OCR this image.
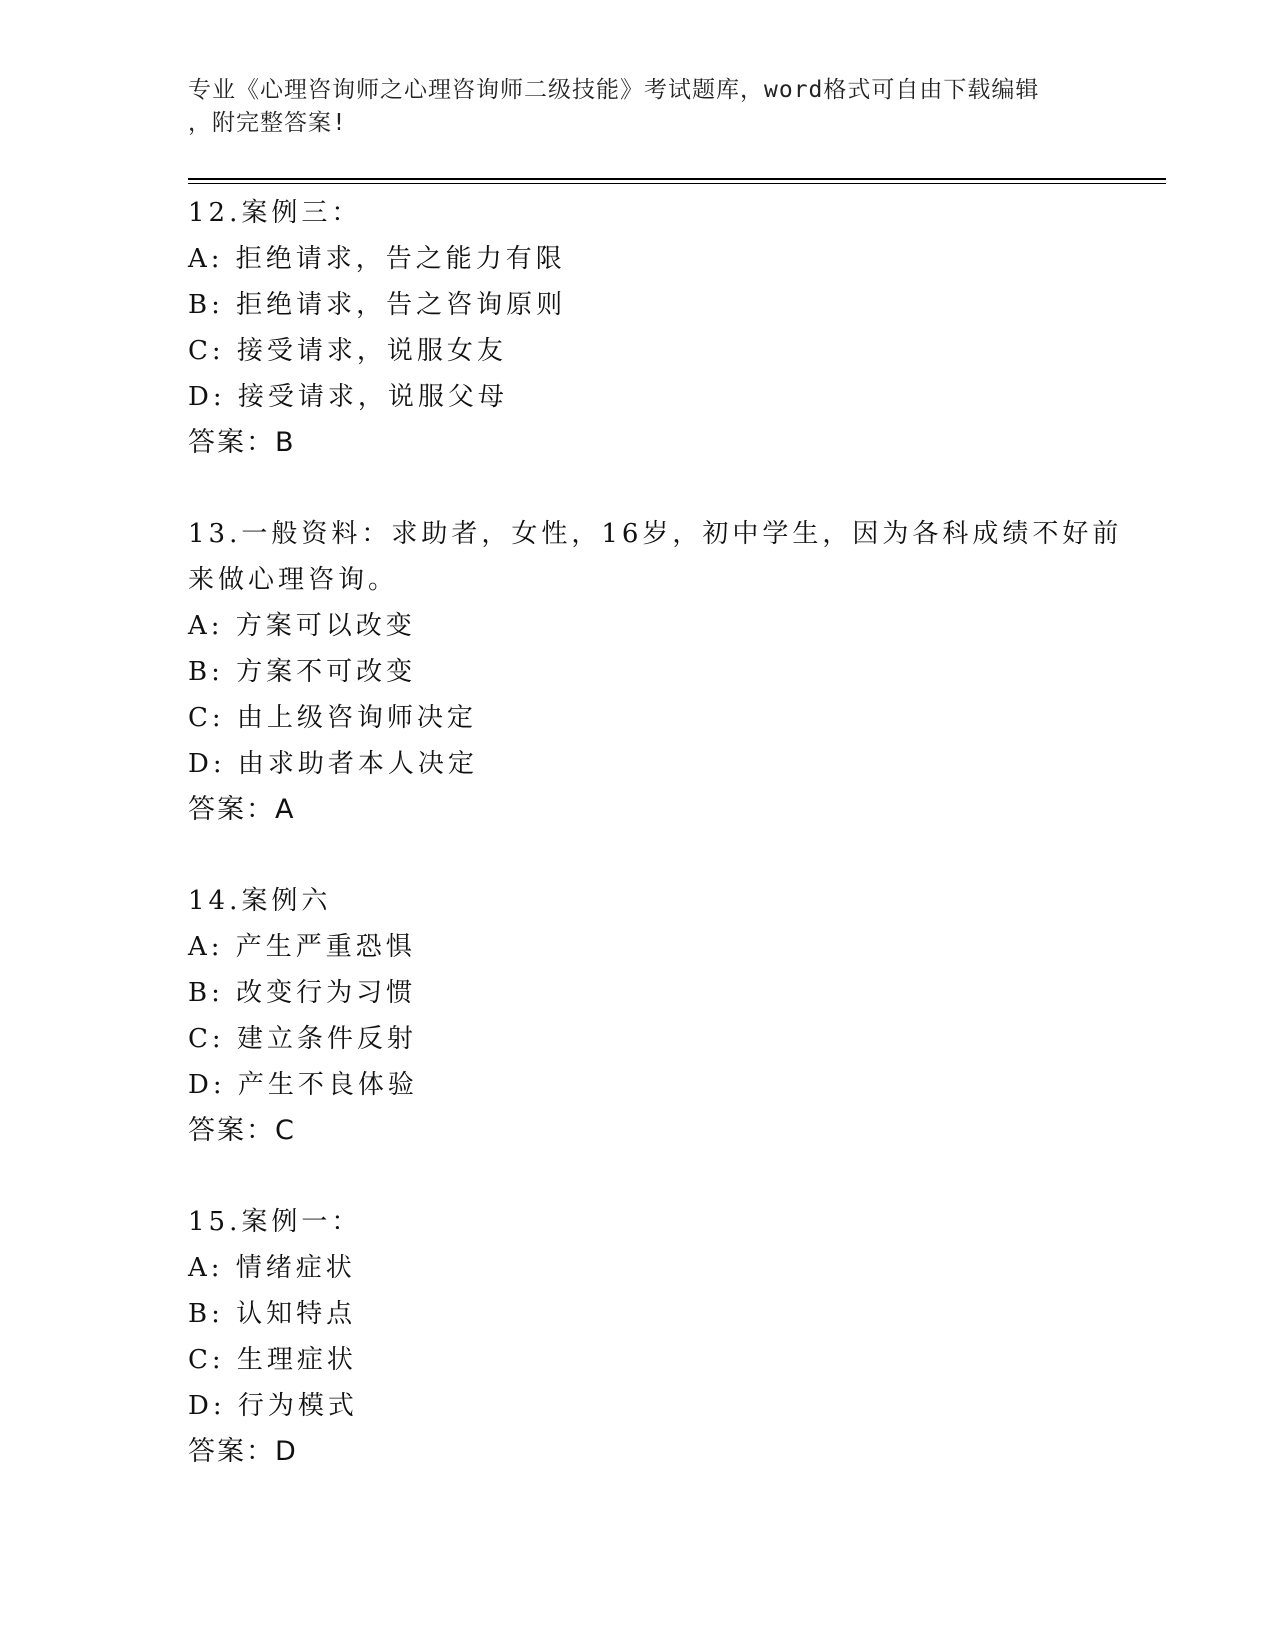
专业《心理咨询师之心理咨询师二级技能》考试题库，word格式可自由下载编辑
，附完整答案!
12.案例三：
A: 拒绝请求，告之能力有限
B: 拒绝请求，告之咨询原则
C: 接受请求，说服女友
D: 接受请求，说服父母
答案：B
13.一般资料：求助者，女性，16岁，初中学生，因为各科成绩不好前
来做心理咨询。
A: 方案可以改变
B: 方案不可改变
C: 由上级咨询师决定
D: 由求助者本人决定
答案：A
14.案例六
A: 产生严重恐惧
B: 改变行为习惯
C: 建立条件反射
D: 产生不良体验
答案：C
15.案例一：
A: 情绪症状
B: 认知特点
C: 生理症状
D: 行为模式
答案：D
